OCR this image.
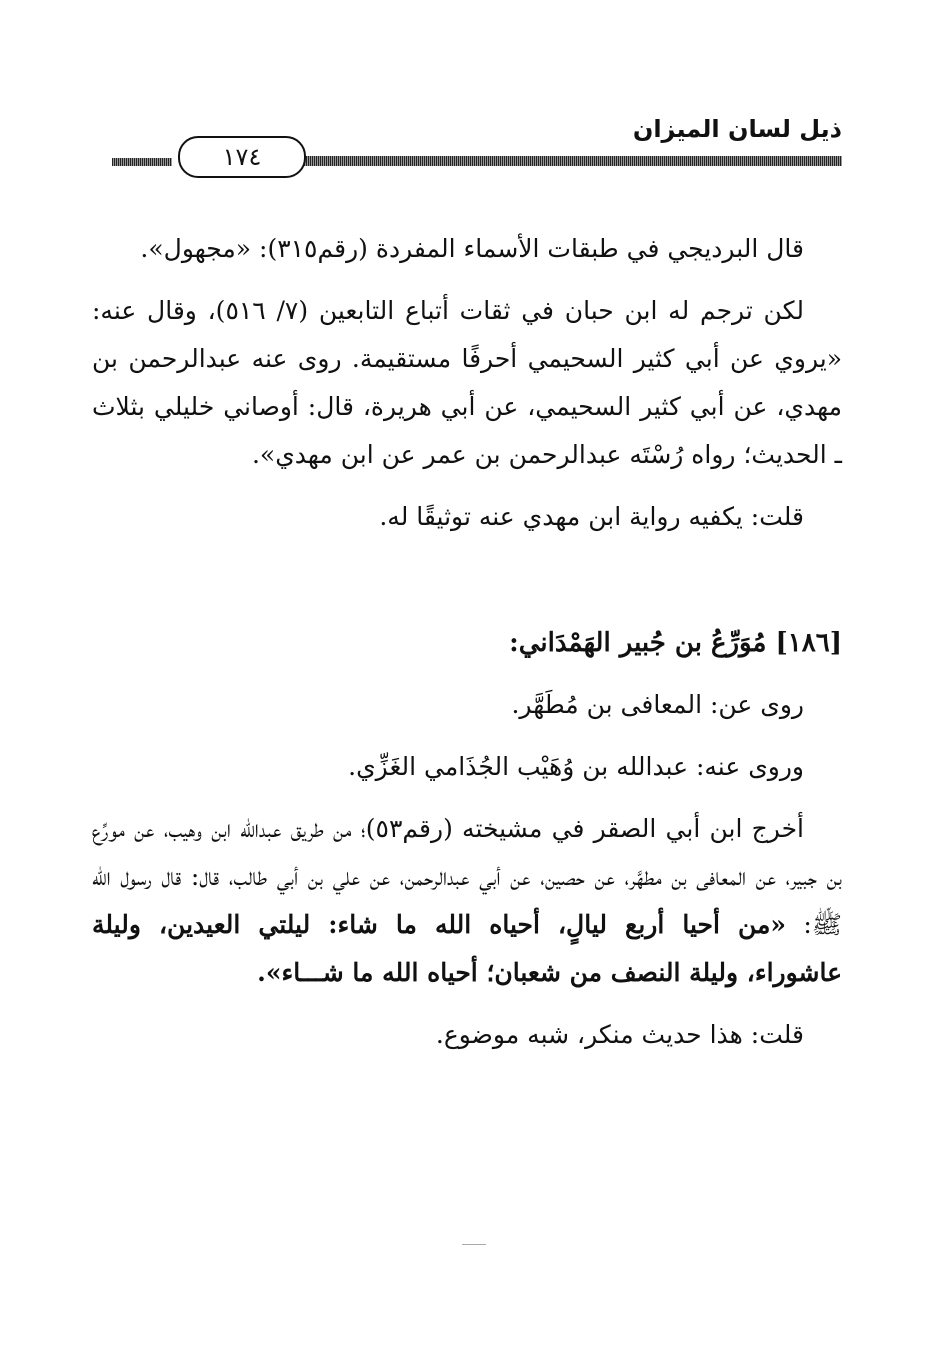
ذيل لسان الميزان
١٧٤

قال البرديجي في طبقات الأسماء المفردة (رقم٣١٥): «مجهول».

لكن ترجم له ابن حبان في ثقات أتباع التابعين (٧/ ٥١٦)، وقال عنه: «يروي عن أبي كثير السحيمي أحرفًا مستقيمة. روى عنه عبدالرحمن بن مهدي، عن أبي كثير السحيمي، عن أبي هريرة، قال: أوصاني خليلي بثلاث ـ الحديث؛ رواه رُسْتَه عبدالرحمن بن عمر عن ابن مهدي».

قلت: يكفيه رواية ابن مهدي عنه توثيقًا له.

[١٨٦] مُوَرِّعُ بن جُبير الهَمْدَاني:

روى عن: المعافى بن مُطَهَّر.

وروى عنه: عبدالله بن وُهَيْب الجُذَامي الغَزِّي.

أخرج ابن أبي الصقر في مشيخته (رقم٥٣)؛ من طريق عبدالله ابن وهيب، عن مورِّع بن جبير، عن المعافى بن مطهَّر، عن حصين، عن أبي عبدالرحمن، عن علي بن أبي طالب، قال: قال رسول الله ﷺ: «من أحيا أربع ليالٍ، أحياه الله ما شاء: ليلتي العيدين، وليلة عاشوراء، وليلة النصف من شعبان؛ أحياه الله ما شـــاء».

قلت: هذا حديث منكر، شبه موضوع.
